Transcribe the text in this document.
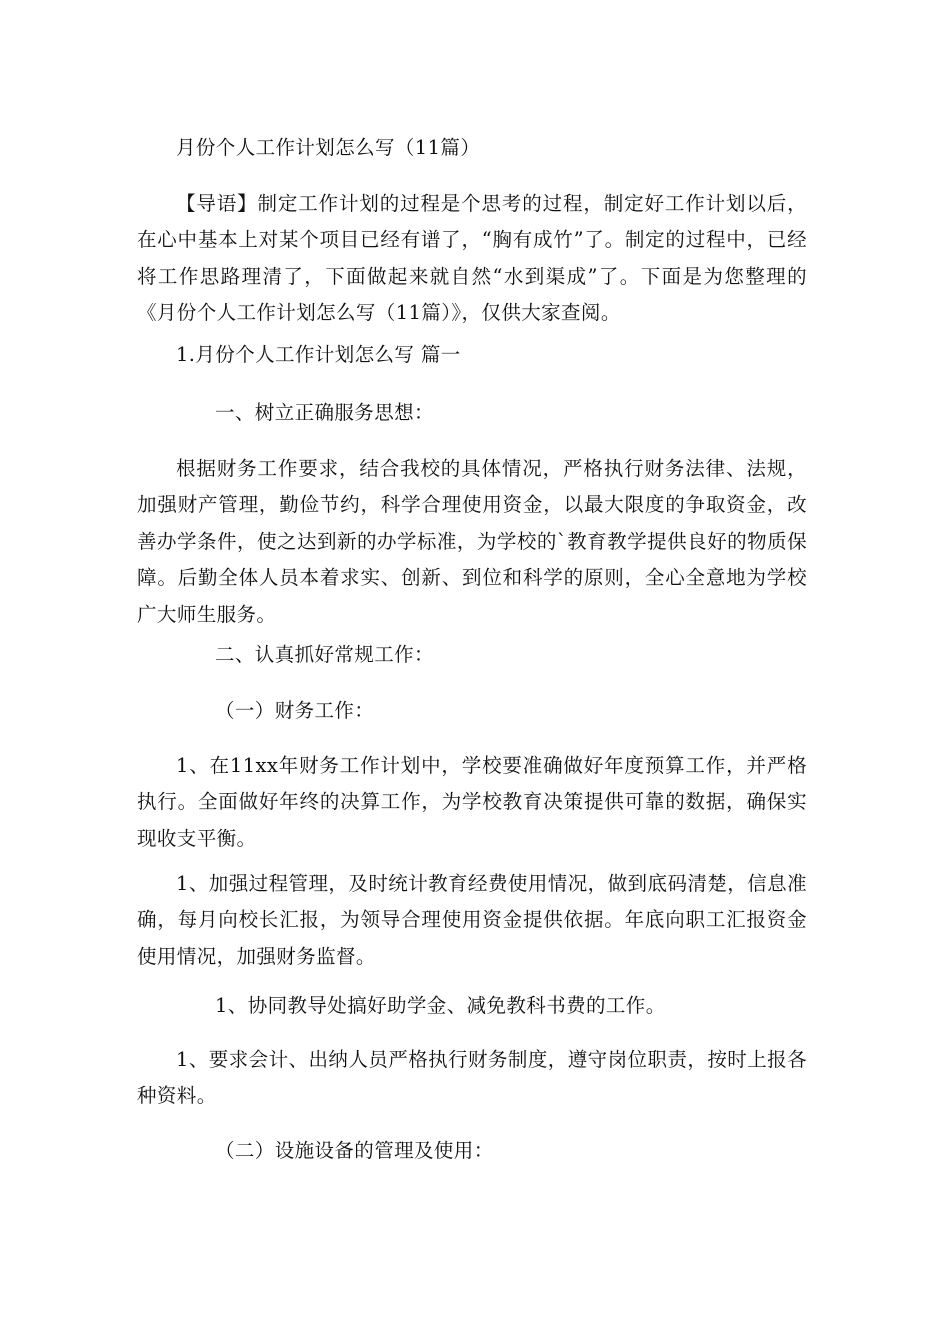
月份个人工作计划怎么写（11篇）

【导语】制定工作计划的过程是个思考的过程，制定好工作计划以后，在心中基本上对某个项目已经有谱了，“胸有成竹”了。制定的过程中，已经将工作思路理清了，下面做起来就自然“水到渠成”了。下面是为您整理的《月份个人工作计划怎么写（11篇）》，仅供大家查阅。

1.月份个人工作计划怎么写 篇一
一、树立正确服务思想：

根据财务工作要求，结合我校的具体情况，严格执行财务法律、法规，加强财产管理，勤俭节约，科学合理使用资金，以最大限度的争取资金，改善办学条件，使之达到新的办学标准，为学校的`教育教学提供良好的物质保障。后勤全体人员本着求实、创新、到位和科学的原则，全心全意地为学校广大师生服务。

二、认真抓好常规工作：
（一）财务工作：

1、在11xx年财务工作计划中，学校要准确做好年度预算工作，并严格执行。全面做好年终的决算工作，为学校教育决策提供可靠的数据，确保实现收支平衡。

1、加强过程管理，及时统计教育经费使用情况，做到底码清楚，信息准确，每月向校长汇报，为领导合理使用资金提供依据。年底向职工汇报资金使用情况，加强财务监督。

1、协同教导处搞好助学金、减免教科书费的工作。

1、要求会计、出纳人员严格执行财务制度，遵守岗位职责，按时上报各种资料。

（二）设施设备的管理及使用：
